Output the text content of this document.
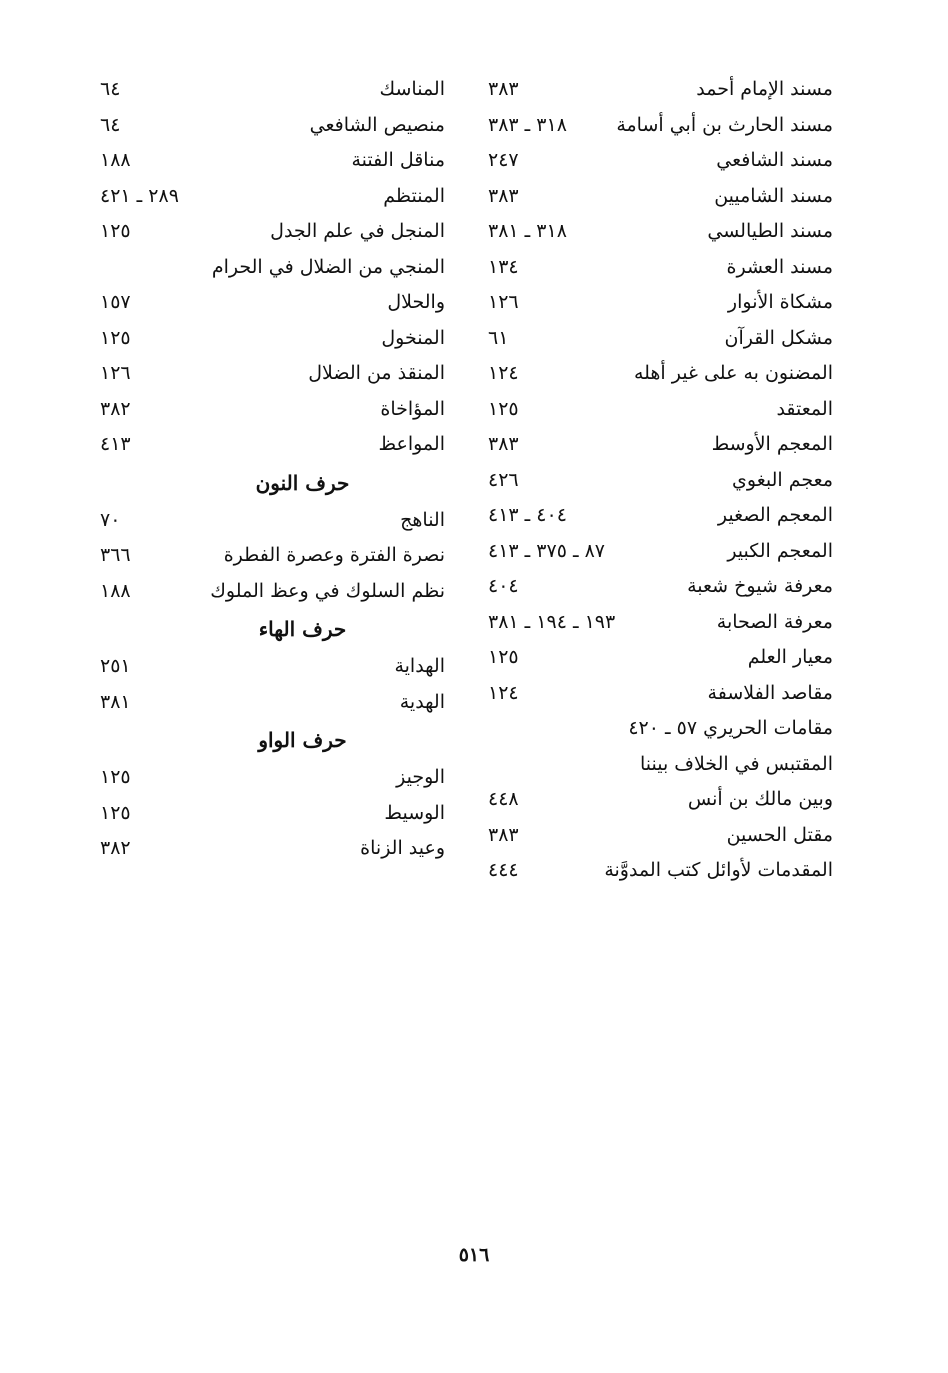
مسند الإمام أحمد
٣٨٣
مسند الحارث بن أبي أسامة
٣١٨ ـ ٣٨٣
مسند الشافعي
٢٤٧
مسند الشاميين
٣٨٣
مسند الطيالسي
٣١٨ ـ ٣٨١
مسند العشرة
١٣٤
مشكاة الأنوار
١٢٦
مشكل القرآن
٦١
المضنون به على غير أهله
١٢٤
المعتقد
١٢٥
المعجم الأوسط
٣٨٣
معجم البغوي
٤٢٦
المعجم الصغير
٤٠٤ ـ ٤١٣
المعجم الكبير
٨٧ ـ ٣٧٥ ـ ٤١٣
معرفة شيوخ شعبة
٤٠٤
معرفة الصحابة
١٩٣ ـ ١٩٤ ـ ٣٨١
معيار العلم
١٢٥
مقاصد الفلاسفة
١٢٤
مقامات الحريري ٥٧ ـ ٤٢٠
المقتبس في الخلاف بيننا
وبين مالك بن أنس
٤٤٨
مقتل الحسين
٣٨٣
المقدمات لأوائل كتب المدوَّنة
٤٤٤
المناسك
٦٤
منصيص الشافعي
٦٤
مناقل الفتنة
١٨٨
المنتظم
٢٨٩ ـ ٤٢١
المنجل في علم الجدل
١٢٥
المنجي من الضلال في الحرام
والحلال
١٥٧
المنخول
١٢٥
المنقذ من الضلال
١٢٦
المؤاخاة
٣٨٢
المواعظ
٤١٣
حرف النون
الناهج
٧٠
نصرة الفترة وعصرة الفطرة
٣٦٦
نظم السلوك في وعظ الملوك
١٨٨
حرف الهاء
الهداية
٢٥١
الهدية
٣٨١
حرف الواو
الوجيز
١٢٥
الوسيط
١٢٥
وعيد الزناة
٣٨٢
٥١٦
